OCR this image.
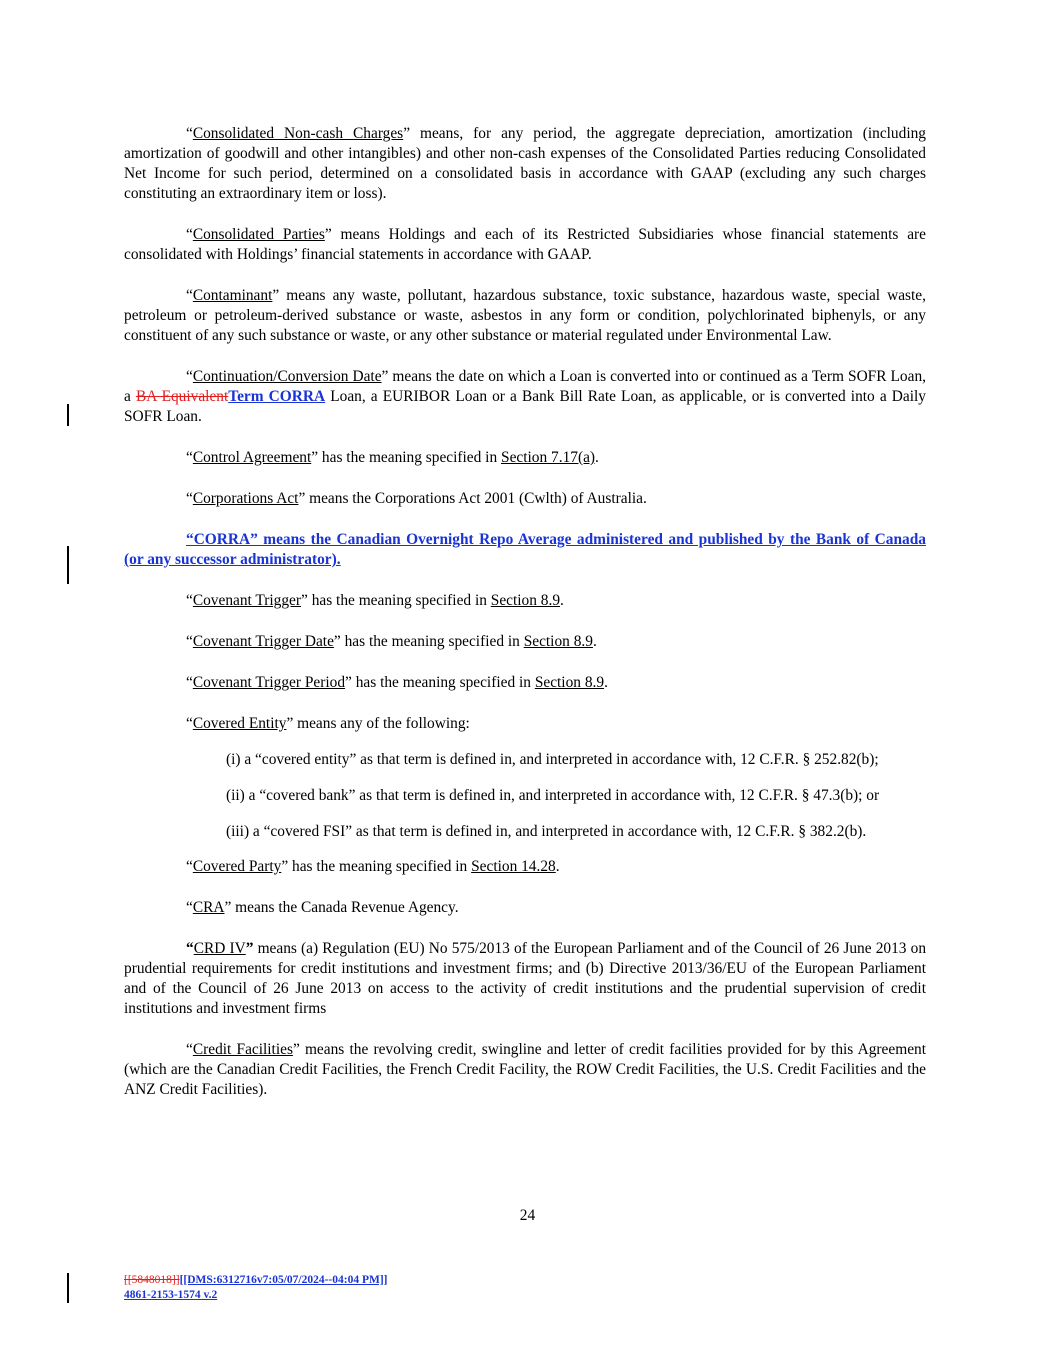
“Consolidated Non-cash Charges” means, for any period, the aggregate depreciation, amortization (including amortization of goodwill and other intangibles) and other non-cash expenses of the Consolidated Parties reducing Consolidated Net Income for such period, determined on a consolidated basis in accordance with GAAP (excluding any such charges constituting an extraordinary item or loss).

“Consolidated Parties” means Holdings and each of its Restricted Subsidiaries whose financial statements are consolidated with Holdings’ financial statements in accordance with GAAP.

“Contaminant” means any waste, pollutant, hazardous substance, toxic substance, hazardous waste, special waste, petroleum or petroleum-derived substance or waste, asbestos in any form or condition, polychlorinated biphenyls, or any constituent of any such substance or waste, or any other substance or material regulated under Environmental Law.

“Continuation/Conversion Date” means the date on which a Loan is converted into or continued as a Term SOFR Loan, a BA EquivalentTerm CORRA Loan, a EURIBOR Loan or a Bank Bill Rate Loan, as applicable, or is converted into a Daily SOFR Loan.

“Control Agreement” has the meaning specified in Section 7.17(a).

“Corporations Act” means the Corporations Act 2001 (Cwlth) of Australia.

“CORRA” means the Canadian Overnight Repo Average administered and published by the Bank of Canada (or any successor administrator).

“Covenant Trigger” has the meaning specified in Section 8.9.

“Covenant Trigger Date” has the meaning specified in Section 8.9.

“Covenant Trigger Period” has the meaning specified in Section 8.9.

“Covered Entity” means any of the following:

(i) a “covered entity” as that term is defined in, and interpreted in accordance with, 12 C.F.R. § 252.82(b);

(ii) a “covered bank” as that term is defined in, and interpreted in accordance with, 12 C.F.R. § 47.3(b); or

(iii) a “covered FSI” as that term is defined in, and interpreted in accordance with, 12 C.F.R. § 382.2(b).

“Covered Party” has the meaning specified in Section 14.28.

“CRA” means the Canada Revenue Agency.

“CRD IV” means (a) Regulation (EU) No 575/2013 of the European Parliament and of the Council of 26 June 2013 on prudential requirements for credit institutions and investment firms; and (b) Directive 2013/36/EU of the European Parliament and of the Council of 26 June 2013 on access to the activity of credit institutions and the prudential supervision of credit institutions and investment firms

“Credit Facilities” means the revolving credit, swingline and letter of credit facilities provided for by this Agreement (which are the Canadian Credit Facilities, the French Credit Facility, the ROW Credit Facilities, the U.S. Credit Facilities and the ANZ Credit Facilities).

24
[[5848018]][[DMS:6312716v7:05/07/2024--04:04 PM]]
4861-2153-1574 v.2
